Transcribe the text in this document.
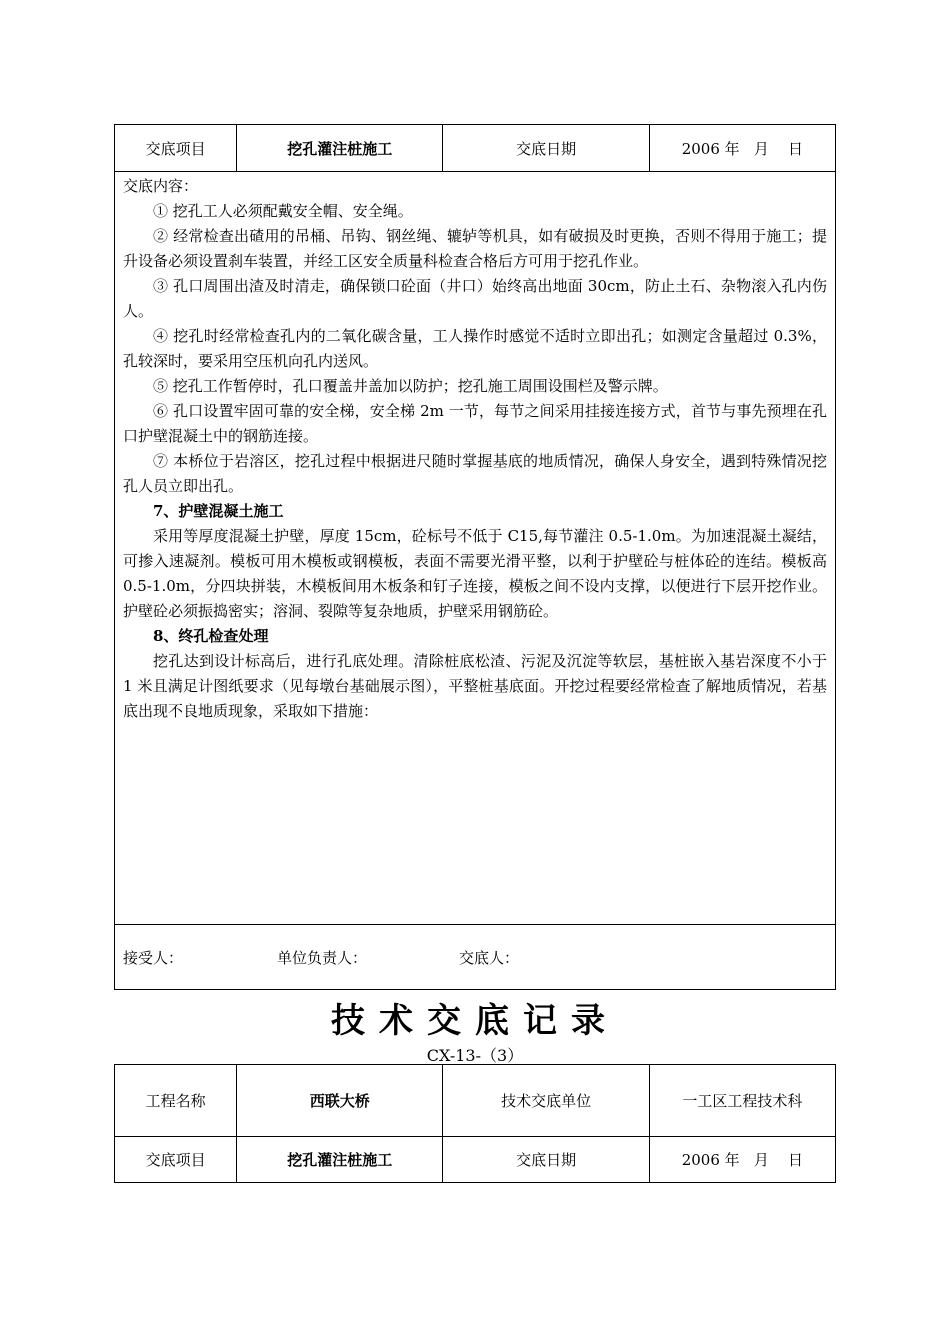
交底项目	挖孔灌注桩施工	交底日期	2006 年   月    日

交底内容：

① 挖孔工人必须配戴安全帽、安全绳。

② 经常检查出碴用的吊桶、吊钩、钢丝绳、辘轳等机具，如有破损及时更换，否则不得用于施工；提升设备必须设置刹车装置，并经工区安全质量科检查合格后方可用于挖孔作业。

③ 孔口周围出渣及时清走，确保锁口砼面（井口）始终高出地面 30cm，防止土石、杂物滚入孔内伤人。

④ 挖孔时经常检查孔内的二氧化碳含量，工人操作时感觉不适时立即出孔；如测定含量超过 0.3%，孔较深时，要采用空压机向孔内送风。

⑤ 挖孔工作暂停时，孔口覆盖井盖加以防护；挖孔施工周围设围栏及警示牌。

⑥ 孔口设置牢固可靠的安全梯，安全梯 2m 一节，每节之间采用挂接连接方式，首节与事先预埋在孔口护壁混凝土中的钢筋连接。

⑦ 本桥位于岩溶区，挖孔过程中根据进尺随时掌握基底的地质情况，确保人身安全，遇到特殊情况挖孔人员立即出孔。

7、护壁混凝土施工

采用等厚度混凝土护壁，厚度 15cm，砼标号不低于 C15,每节灌注 0.5-1.0m。为加速混凝土凝结，可掺入速凝剂。模板可用木模板或钢模板，表面不需要光滑平整，以利于护壁砼与桩体砼的连结。模板高 0.5-1.0m，分四块拼装，木模板间用木板条和钉子连接，模板之间不设内支撑，以便进行下层开挖作业。护壁砼必须振捣密实；溶洞、裂隙等复杂地质，护壁采用钢筋砼。

8、终孔检查处理

挖孔达到设计标高后，进行孔底处理。清除桩底松渣、污泥及沉淀等软层，基桩嵌入基岩深度不小于 1 米且满足计图纸要求（见每墩台基础展示图），平整桩基底面。开挖过程要经常检查了解地质情况，若基底出现不良地质现象，采取如下措施：

接受人：	单位负责人：	交底人：
技术交底记录
CX-13-（3）
工程名称	西联大桥	技术交底单位	一工区工程技术科
交底项目	挖孔灌注桩施工	交底日期	2006 年   月    日
